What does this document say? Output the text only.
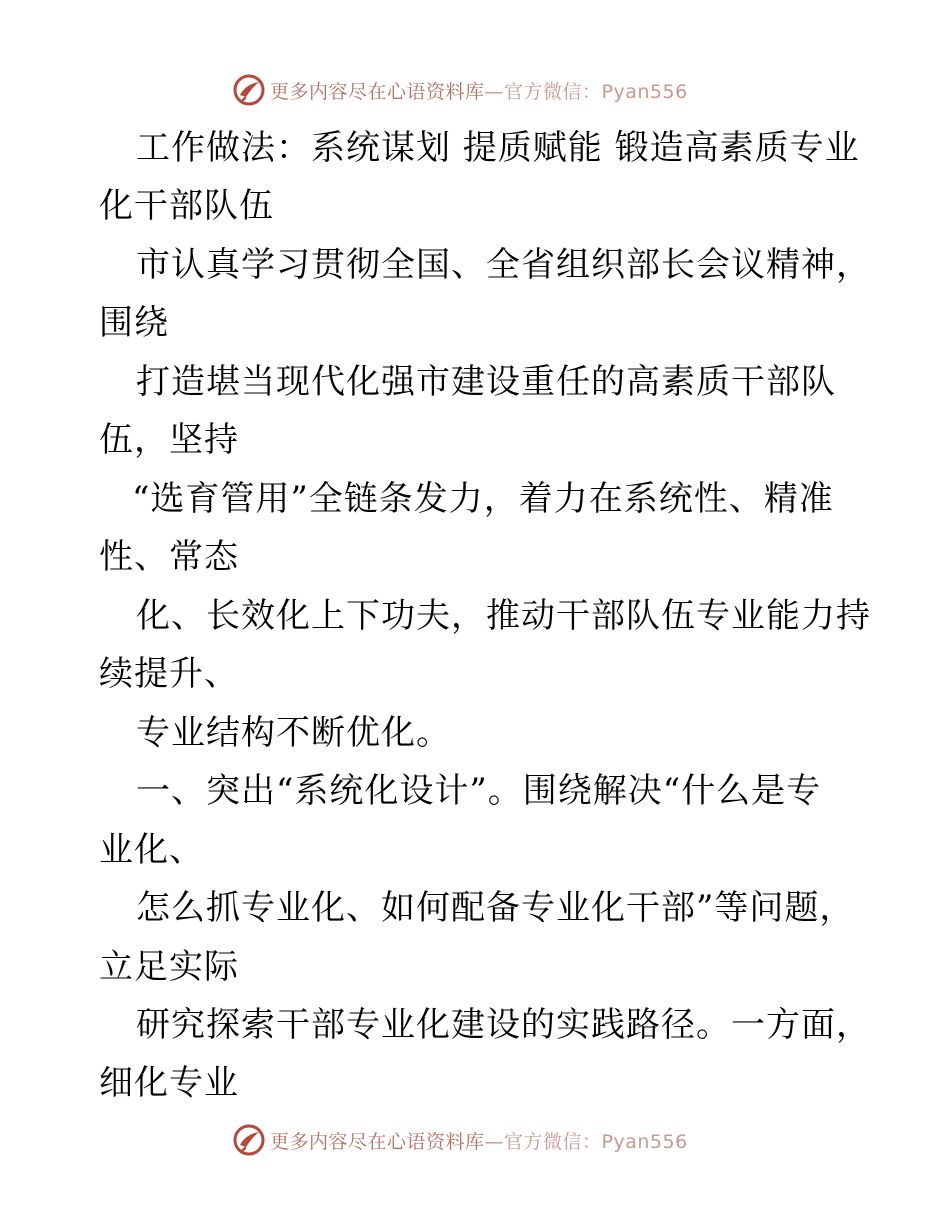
更多内容尽在心语资料库—官方微信：Pyan556
工作做法：系统谋划 提质赋能 锻造高素质专业
化干部队伍
市认真学习贯彻全国、全省组织部长会议精神，
围绕
打造堪当现代化强市建设重任的高素质干部队
伍，坚持
“选育管用”全链条发力，着力在系统性、精准
性、常态
化、长效化上下功夫，推动干部队伍专业能力持
续提升、
专业结构不断优化。
一、突出“系统化设计”。围绕解决“什么是专
业化、
怎么抓专业化、如何配备专业化干部”等问题，
立足实际
研究探索干部专业化建设的实践路径。一方面，
细化专业
更多内容尽在心语资料库—官方微信：Pyan556
